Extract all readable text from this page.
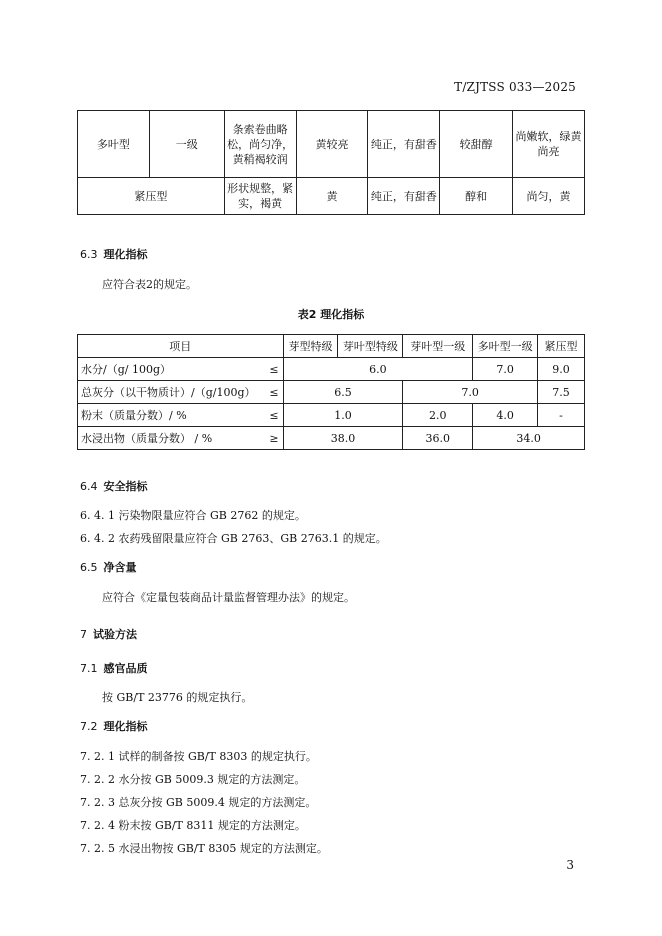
T/ZJTSS 033—2025
多叶型	一级	条索卷曲略松，尚匀净，黄稍褐较润	黄较亮	纯正，有甜香	较甜醇	尚嫩软，绿黄尚亮
紧压型		形状规整，紧实，褐黄	黄	纯正，有甜香	醇和	尚匀，黄
6.3 理化指标
应符合表2的规定。
表2 理化指标
项目		芽型特级	芽叶型特级	芽叶型一级	多叶型一级	紧压型
水分/（g/ 100g）	≤	6.0			7.0	9.0
总灰分（以干物质计）/（g/100g）	≤	6.5		7.0		7.5
粉末（质量分数）/ %	≤	1.0		2.0	4.0	-
水浸出物（质量分数） / %	≥	38.0		36.0	34.0	
6.4 安全指标
6. 4. 1 污染物限量应符合 GB 2762 的规定。
6. 4. 2 农药残留限量应符合 GB 2763、GB 2763.1 的规定。
6.5 净含量
应符合《定量包装商品计量监督管理办法》的规定。
7 试验方法
7.1 感官品质
按 GB/T 23776 的规定执行。
7.2 理化指标
7. 2. 1 试样的制备按 GB/T 8303 的规定执行。
7. 2. 2 水分按 GB 5009.3 规定的方法测定。
7. 2. 3 总灰分按 GB 5009.4 规定的方法测定。
7. 2. 4 粉末按 GB/T 8311 规定的方法测定。
7. 2. 5 水浸出物按 GB/T 8305 规定的方法测定。
3
